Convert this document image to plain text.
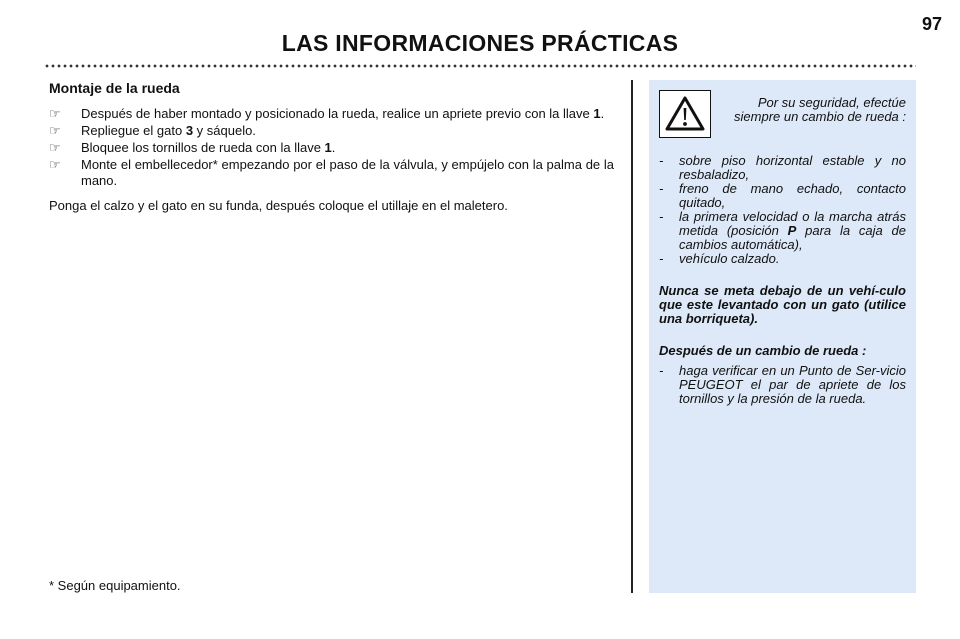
97
LAS INFORMACIONES PRÁCTICAS
Montaje de la rueda
☞ Después de haber montado y posicionado la rueda, realice un apriete previo con la llave 1.
☞ Repliegue el gato 3 y sáquelo.
☞ Bloquee los tornillos de rueda con la llave 1.
☞ Monte el embellecedor* empezando por el paso de la válvula, y empújelo con la palma de la mano.
Ponga el calzo y el gato en su funda, después coloque el utillaje en el maletero.
* Según equipamiento.
Por su seguridad, efectúe siempre un cambio de rueda :
- sobre piso horizontal estable y no resbaladizo,
- freno de mano echado, contacto quitado,
- la primera velocidad o la marcha atrás metida (posición P para la caja de cambios automática),
- vehículo calzado.
Nunca se meta debajo de un vehí-culo que este levantado con un gato (utilice una borriqueta).
Después de un cambio de rueda :
- haga verificar en un Punto de Ser-vicio PEUGEOT el par de apriete de los tornillos y la presión de la rueda.
